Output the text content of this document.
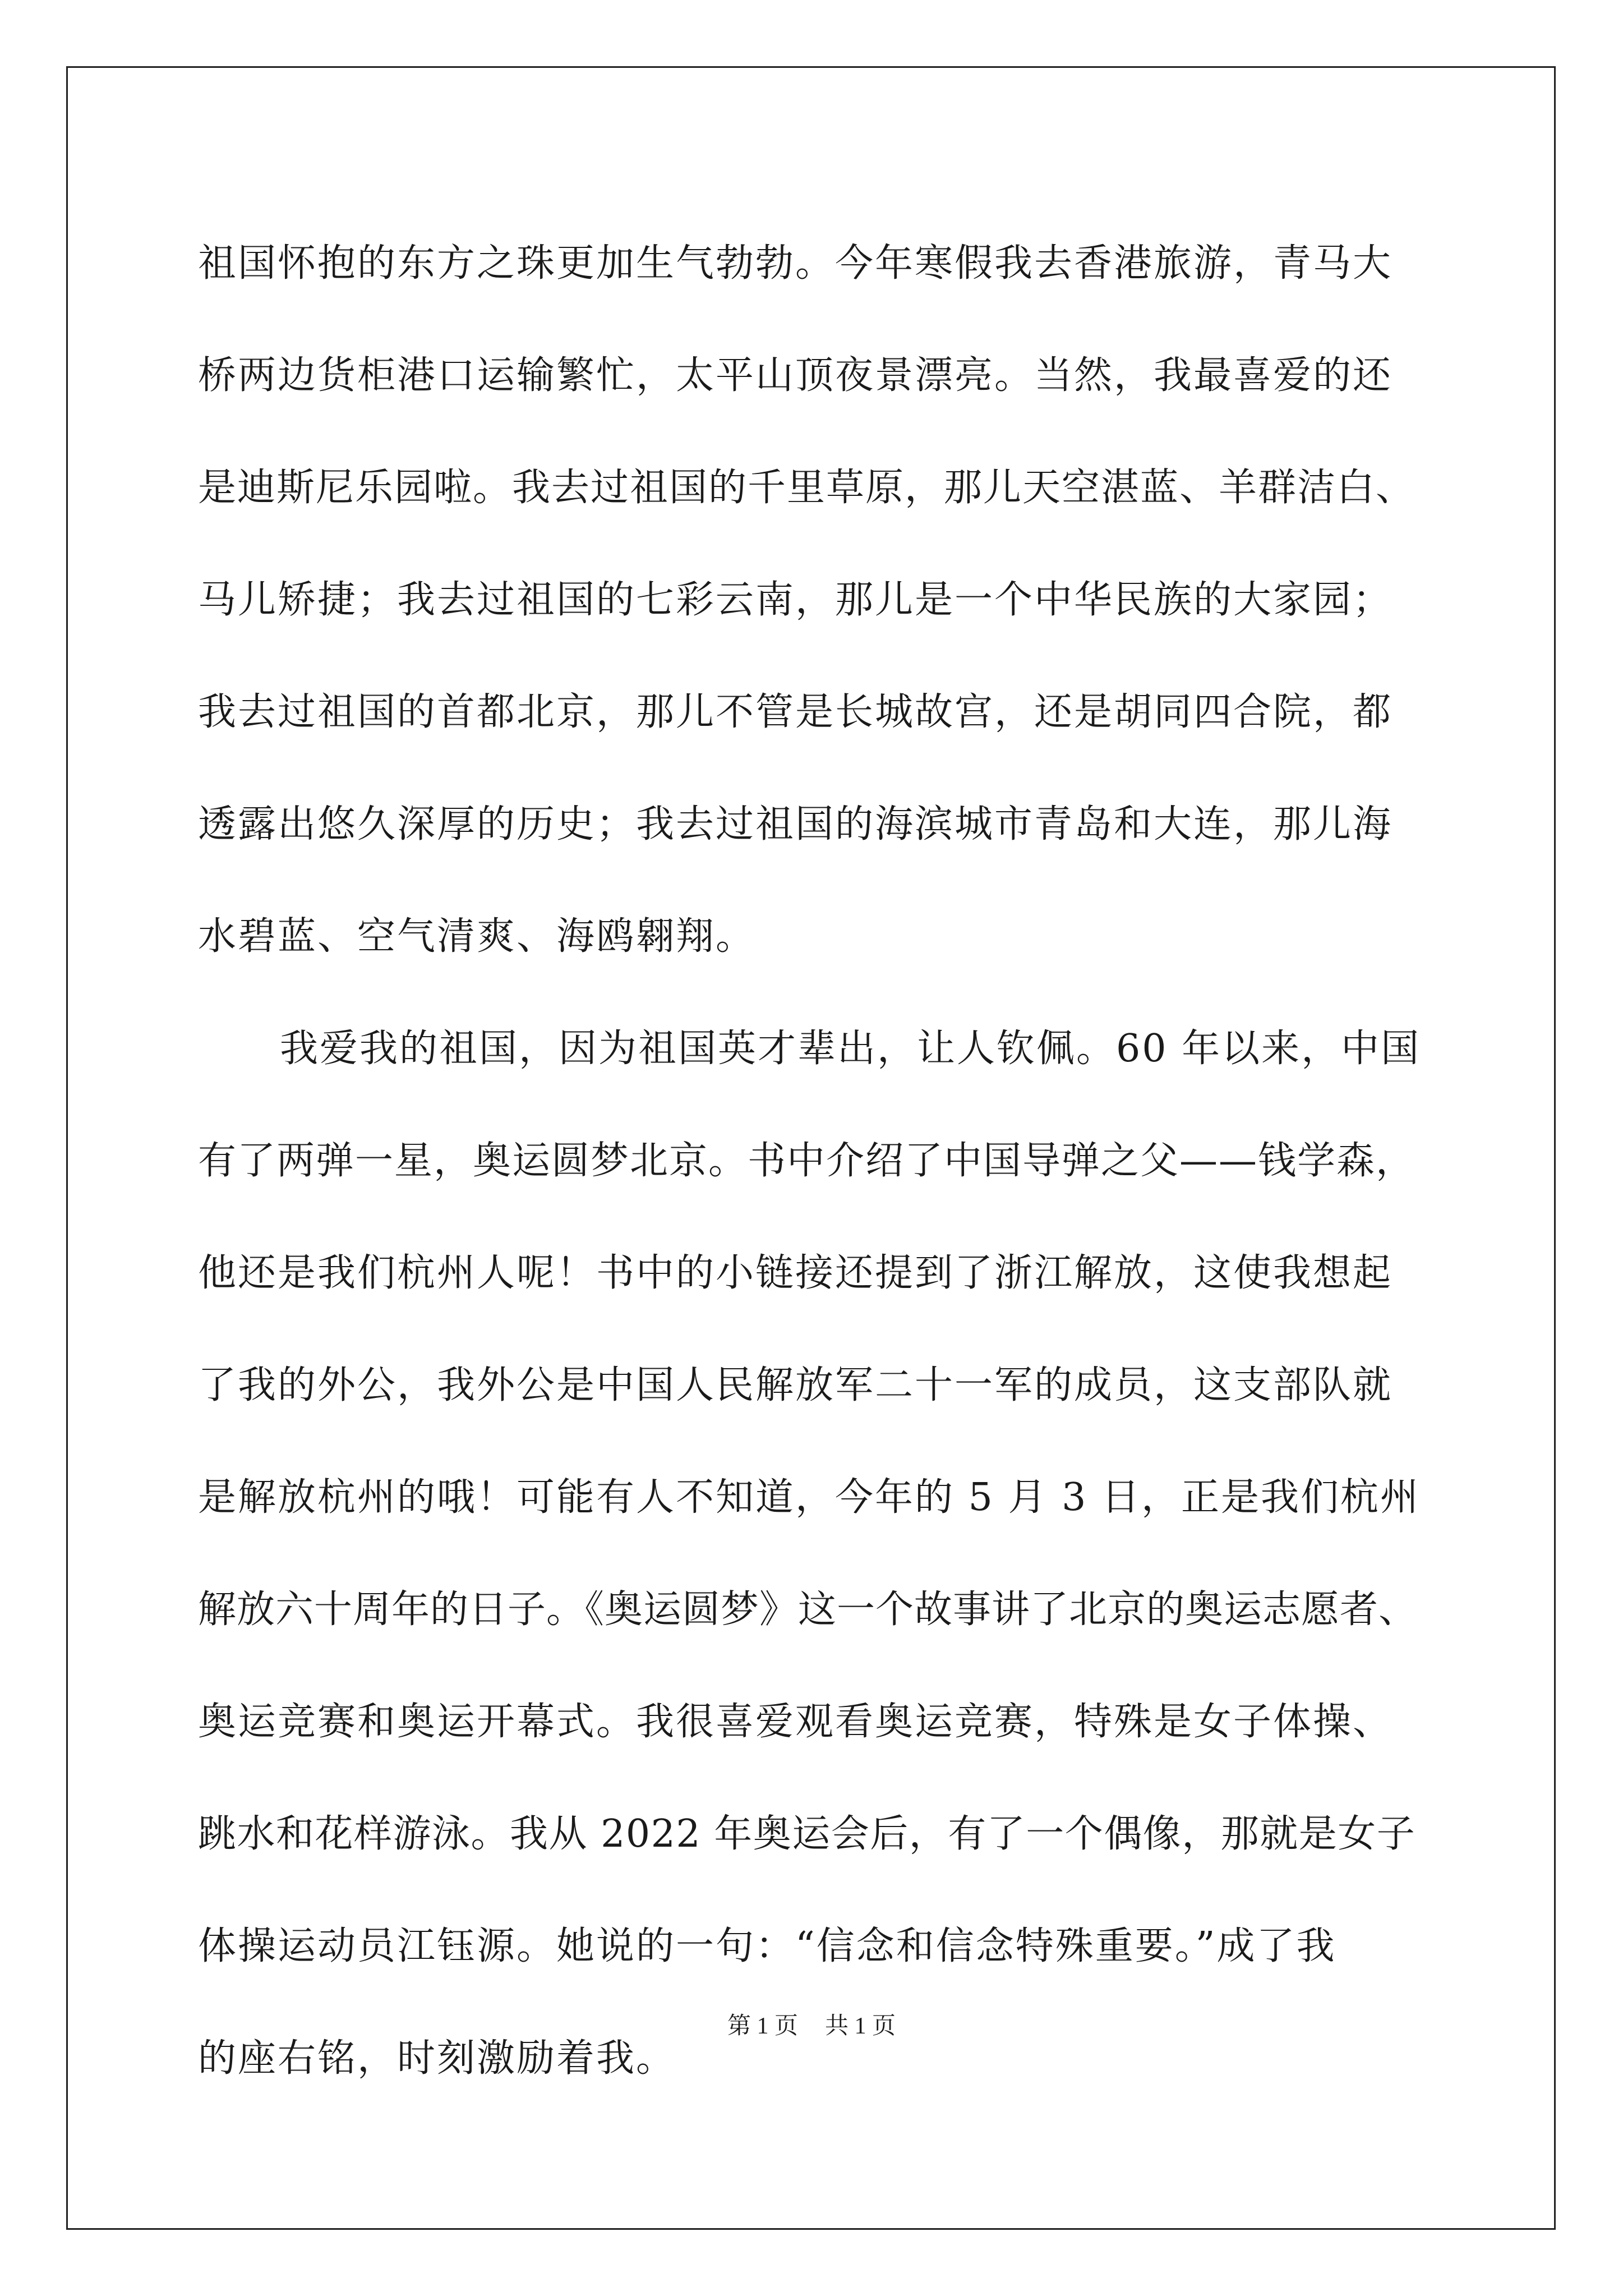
祖国怀抱的东方之珠更加生气勃勃。今年寒假我去香港旅游，青马大
桥两边货柜港口运输繁忙，太平山顶夜景漂亮。当然，我最喜爱的还
是迪斯尼乐园啦。我去过祖国的千里草原，那儿天空湛蓝、羊群洁白、
马儿矫捷；我去过祖国的七彩云南，那儿是一个中华民族的大家园；
我去过祖国的首都北京，那儿不管是长城故宫，还是胡同四合院，都
透露出悠久深厚的历史；我去过祖国的海滨城市青岛和大连，那儿海
水碧蓝、空气清爽、海鸥翱翔。
我爱我的祖国，因为祖国英才辈出，让人钦佩。60 年以来，中国
有了两弹一星，奥运圆梦北京。书中介绍了中国导弹之父——钱学森，
他还是我们杭州人呢！书中的小链接还提到了浙江解放，这使我想起
了我的外公，我外公是中国人民解放军二十一军的成员，这支部队就
是解放杭州的哦！可能有人不知道，今年的 5 月 3 日，正是我们杭州
解放六十周年的日子。《奥运圆梦》这一个故事讲了北京的奥运志愿者、
奥运竞赛和奥运开幕式。我很喜爱观看奥运竞赛，特殊是女子体操、
跳水和花样游泳。我从 2022 年奥运会后，有了一个偶像，那就是女子
体操运动员江钰源。她说的一句：“信念和信念特殊重要。”成了我
的座右铭，时刻激励着我。
第 1 页 共 1 页
